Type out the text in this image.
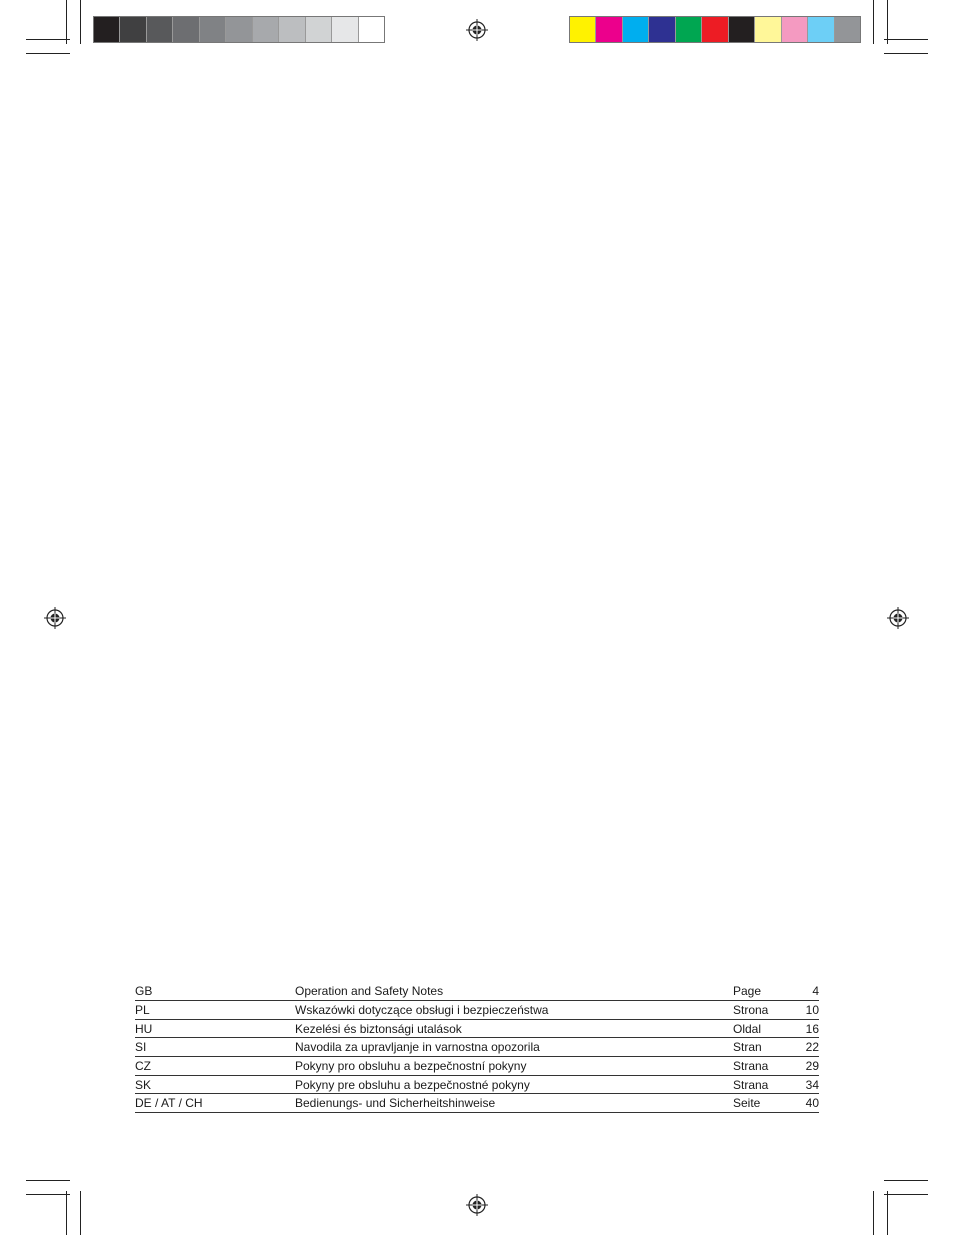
GB	Operation and Safety Notes	Page	4
PL	Wskazówki dotyczące obsługi i bezpieczeństwa	Strona	10
HU	Kezelési és biztonsági utalások	Oldal	16
SI	Navodila za upravljanje in varnostna opozorila	Stran	22
CZ	Pokyny pro obsluhu a bezpečnostní pokyny	Strana	29
SK	Pokyny pre obsluhu a bezpečnostné pokyny	Strana	34
DE / AT / CH	Bedienungs- und Sicherheitshinweise	Seite	40
